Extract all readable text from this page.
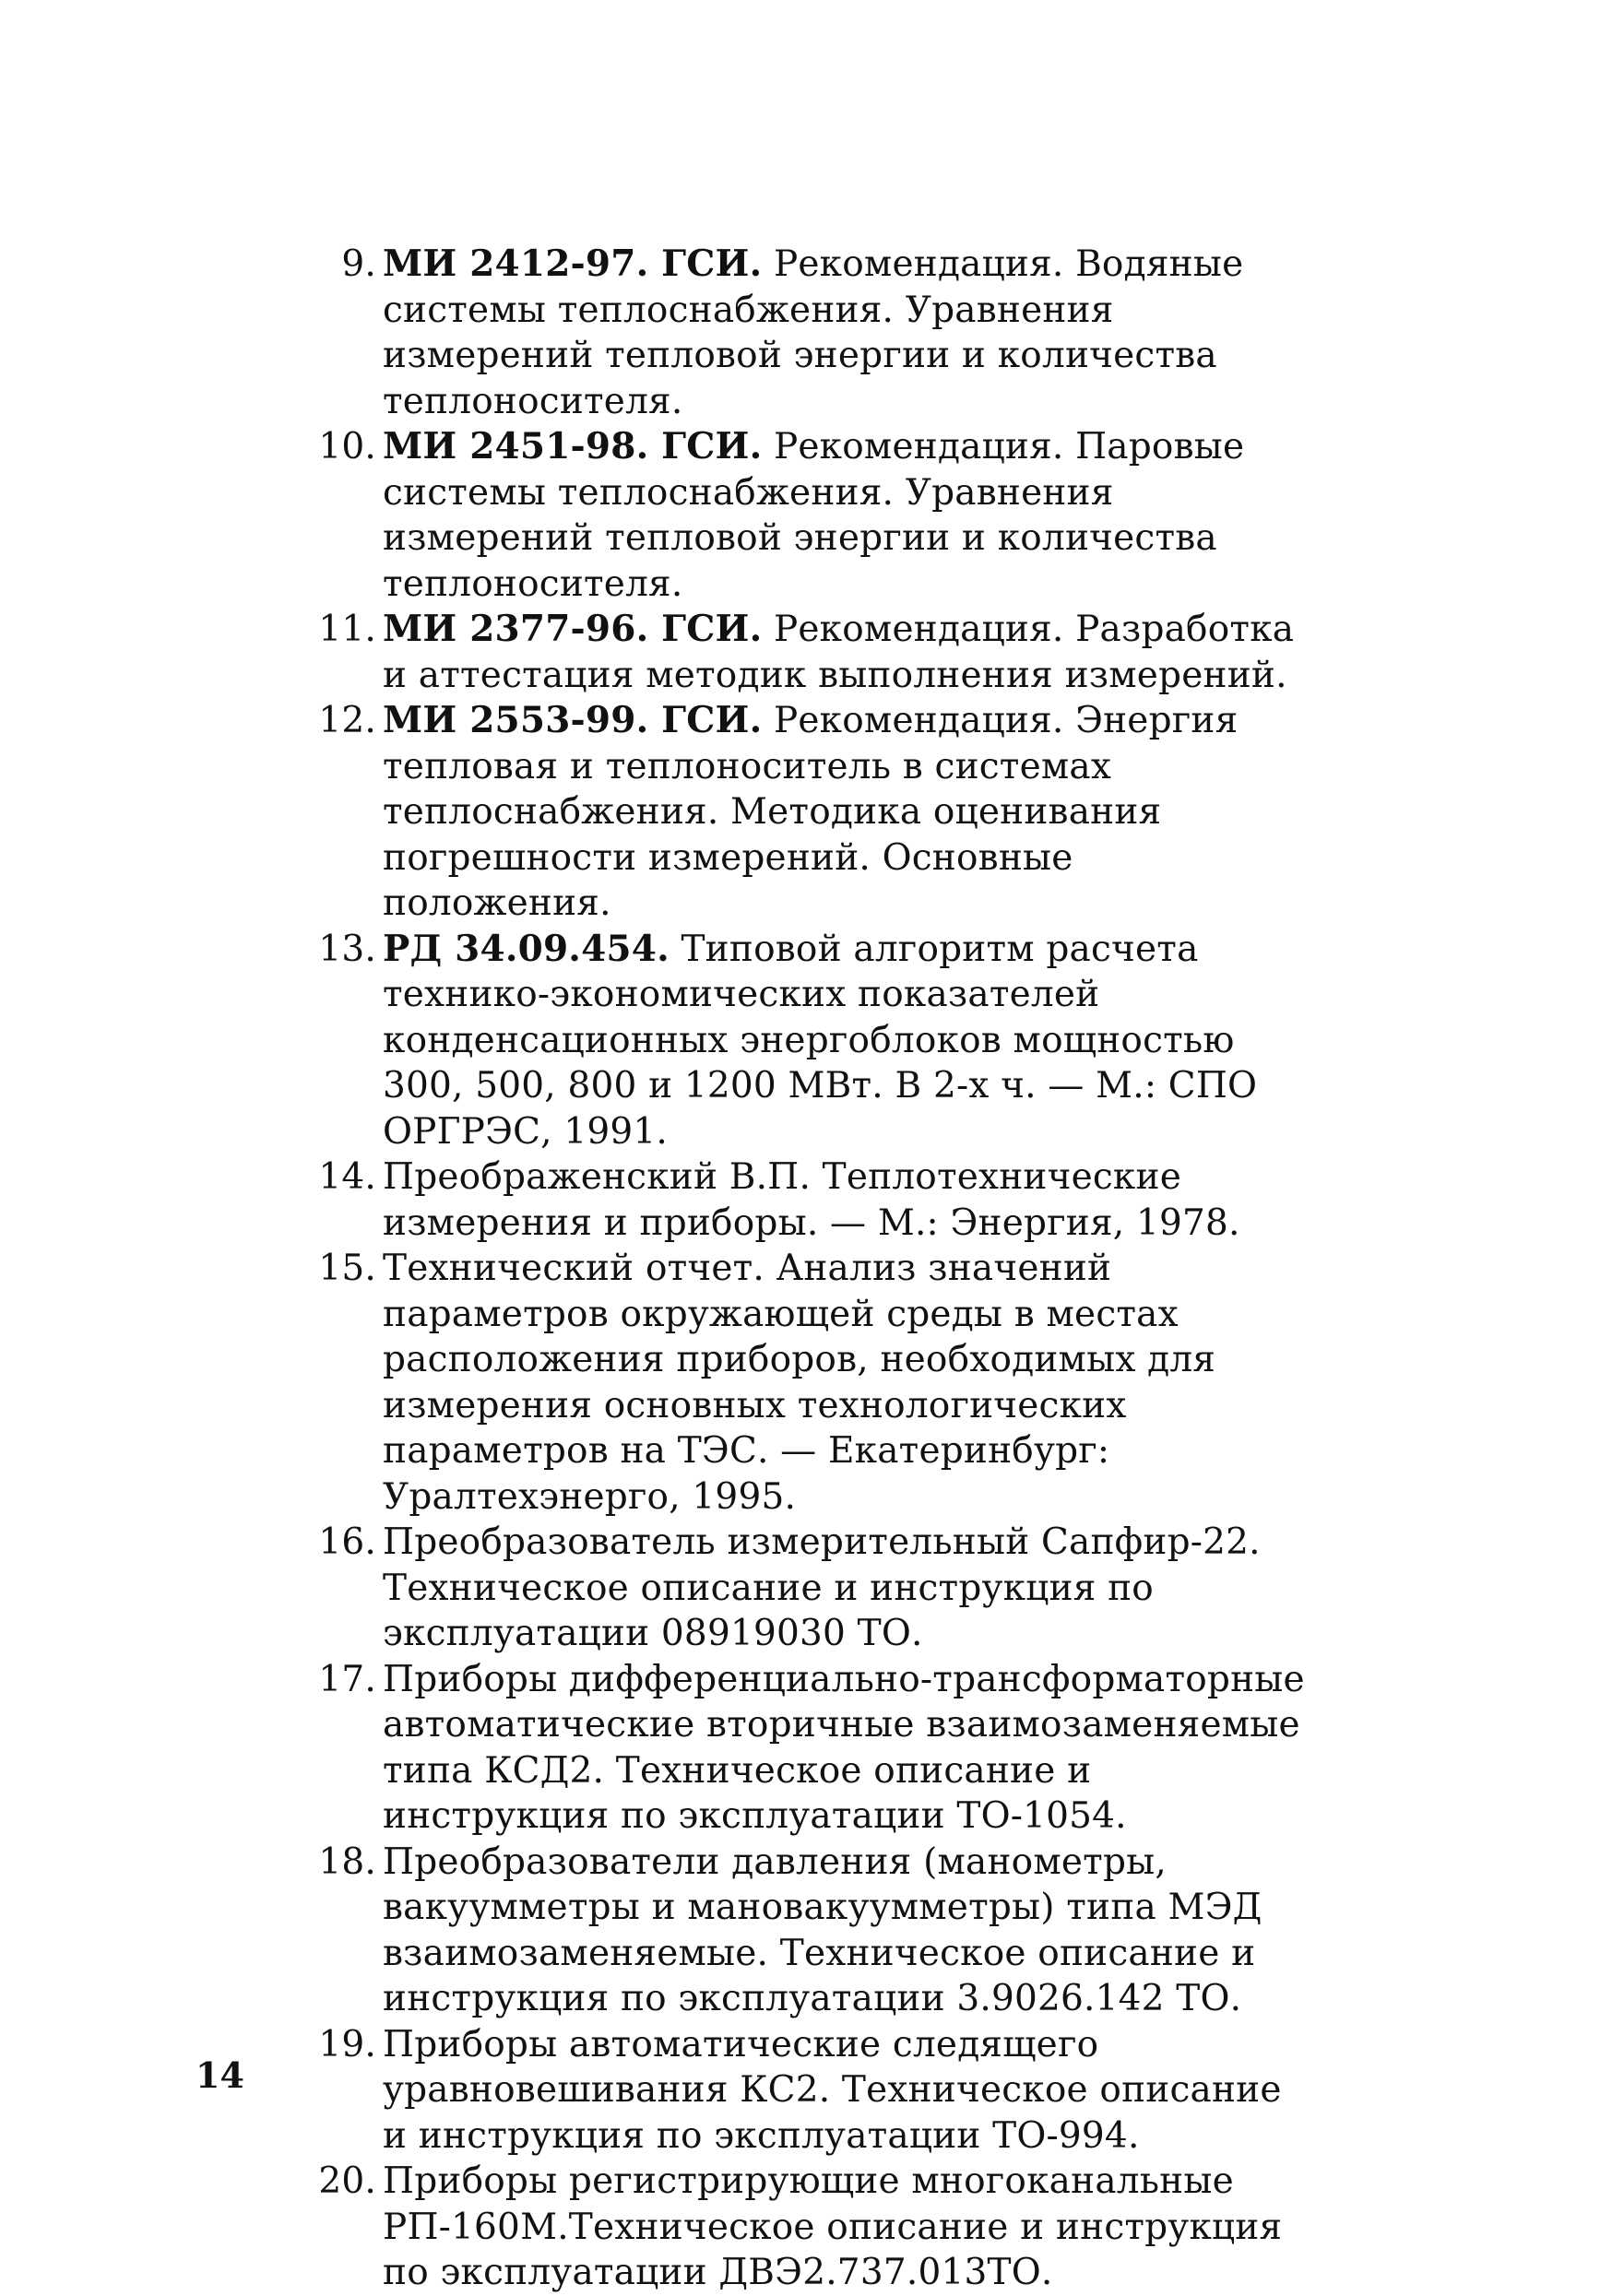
9. МИ 2412-97. ГСИ. Рекомендация. Водяные системы теплоснабжения. Уравнения измерений тепловой энергии и количества теплоносителя.
10. МИ 2451-98. ГСИ. Рекомендация. Паровые системы теплоснабжения. Уравнения измерений тепловой энергии и количества теплоносителя.
11. МИ 2377-96. ГСИ. Рекомендация. Разработка и аттестация методик выполнения измерений.
12. МИ 2553-99. ГСИ. Рекомендация. Энергия тепловая и теплоноситель в системах теплоснабжения. Методика оценивания погрешности измерений. Основные положения.
13. РД 34.09.454. Типовой алгоритм расчета технико-экономических показателей конденсационных энергоблоков мощностью 300, 500, 800 и 1200 МВт. В 2-х ч. — М.: СПО ОРГРЭС, 1991.
14. Преображенский В.П. Теплотехнические измерения и приборы. — М.: Энергия, 1978.
15. Технический отчет. Анализ значений параметров окружающей среды в местах расположения приборов, необходимых для измерения основных технологических параметров на ТЭС. — Екатеринбург: Уралтехэнерго, 1995.
16. Преобразователь измерительный Сапфир-22. Техническое описание и инструкция по эксплуатации 08919030 ТО.
17. Приборы дифференциально-трансформаторные автоматические вторичные взаимозаменяемые типа КСД2. Техническое описание и инструкция по эксплуатации ТО-1054.
18. Преобразователи давления (манометры, вакуумметры и мановакуумметры) типа МЭД взаимозаменяемые. Техническое описание и инструкция по эксплуатации 3.9026.142 ТО.
19. Приборы автоматические следящего уравновешивания КС2. Техническое описание и инструкция по эксплуатации ТО-994.
20. Приборы регистрирующие многоканальные РП-160М.Техническое описание и инструкция по эксплуатации ДВЭ2.737.013ТО.
14
